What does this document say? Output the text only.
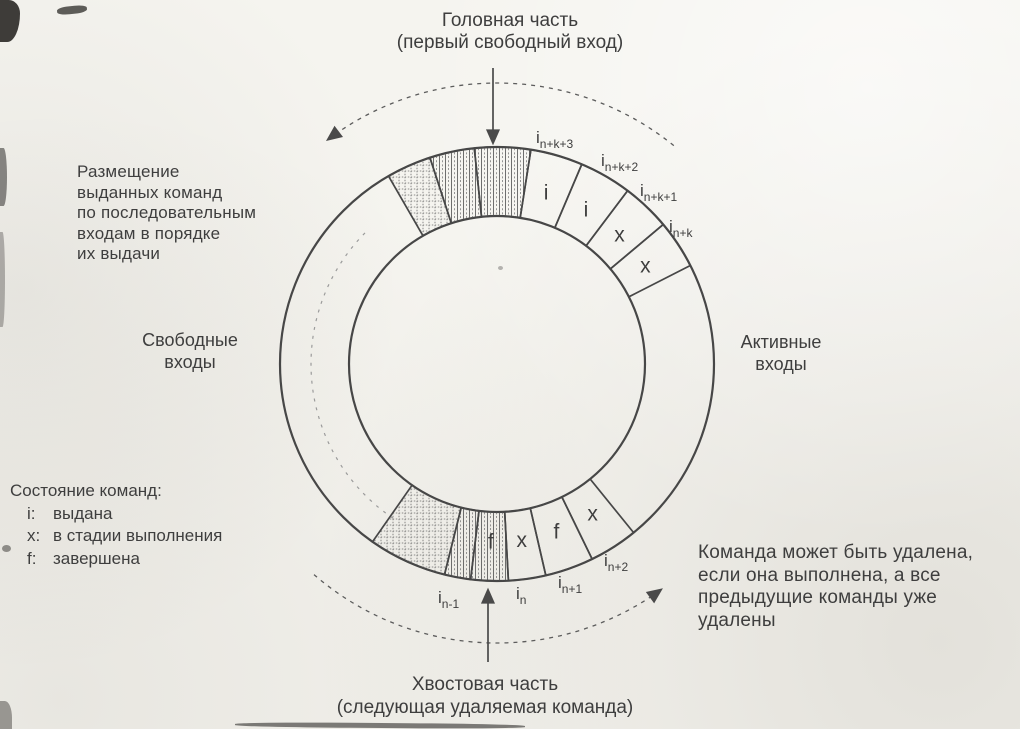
i
i
x
x
x
f
x
f
$i_{n+k+3}$
$i_{n+k+2}$
$i_{n+k+1}$
$i_{n+k}$
$i_{n-1}$
$i_n$
$i_{n+1}$
$i_{n+2}$
Головная часть
(первый свободный вход)
Размещение
выданных команд
по последовательным
входам в порядке
их выдачи
Свободные
входы
Активные
входы
Состояние команд:
i: выдана
x: в стадии выполнения
f: завершена	Команда может быть удалена,
если она выполнена, а все
предыдущие команды уже
удалены
Хвостовая часть
(следующая удаляемая команда)
